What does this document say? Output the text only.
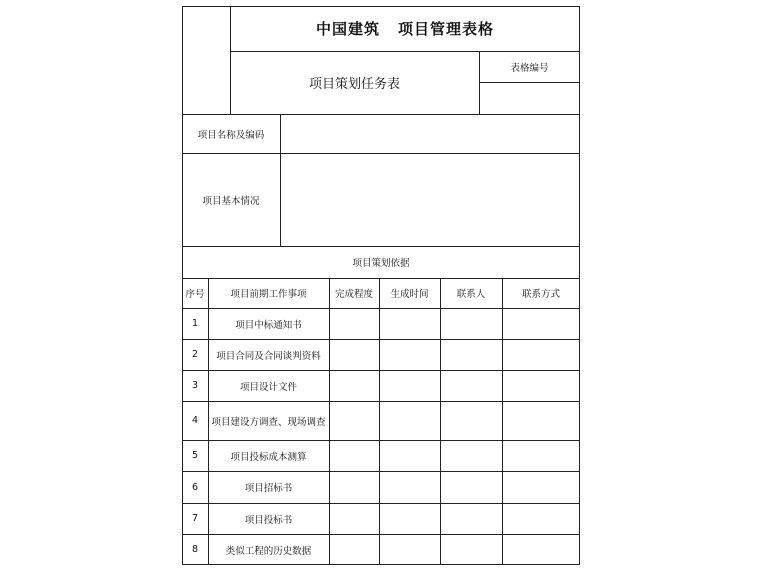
中国建筑 项目管理表格
项目策划任务表
表格编号
项目名称及编码
项目基本情况
项目策划依据
序号	项目前期工作事项	完成程度	生成时间	联系人	联系方式
1	项目中标通知书
2	项目合同及合同谈判资料
3	项目设计文件
4	项目建设方调查、现场调查
5	项目投标成本测算
6	项目招标书
7	项目投标书
8	类似工程的历史数据
